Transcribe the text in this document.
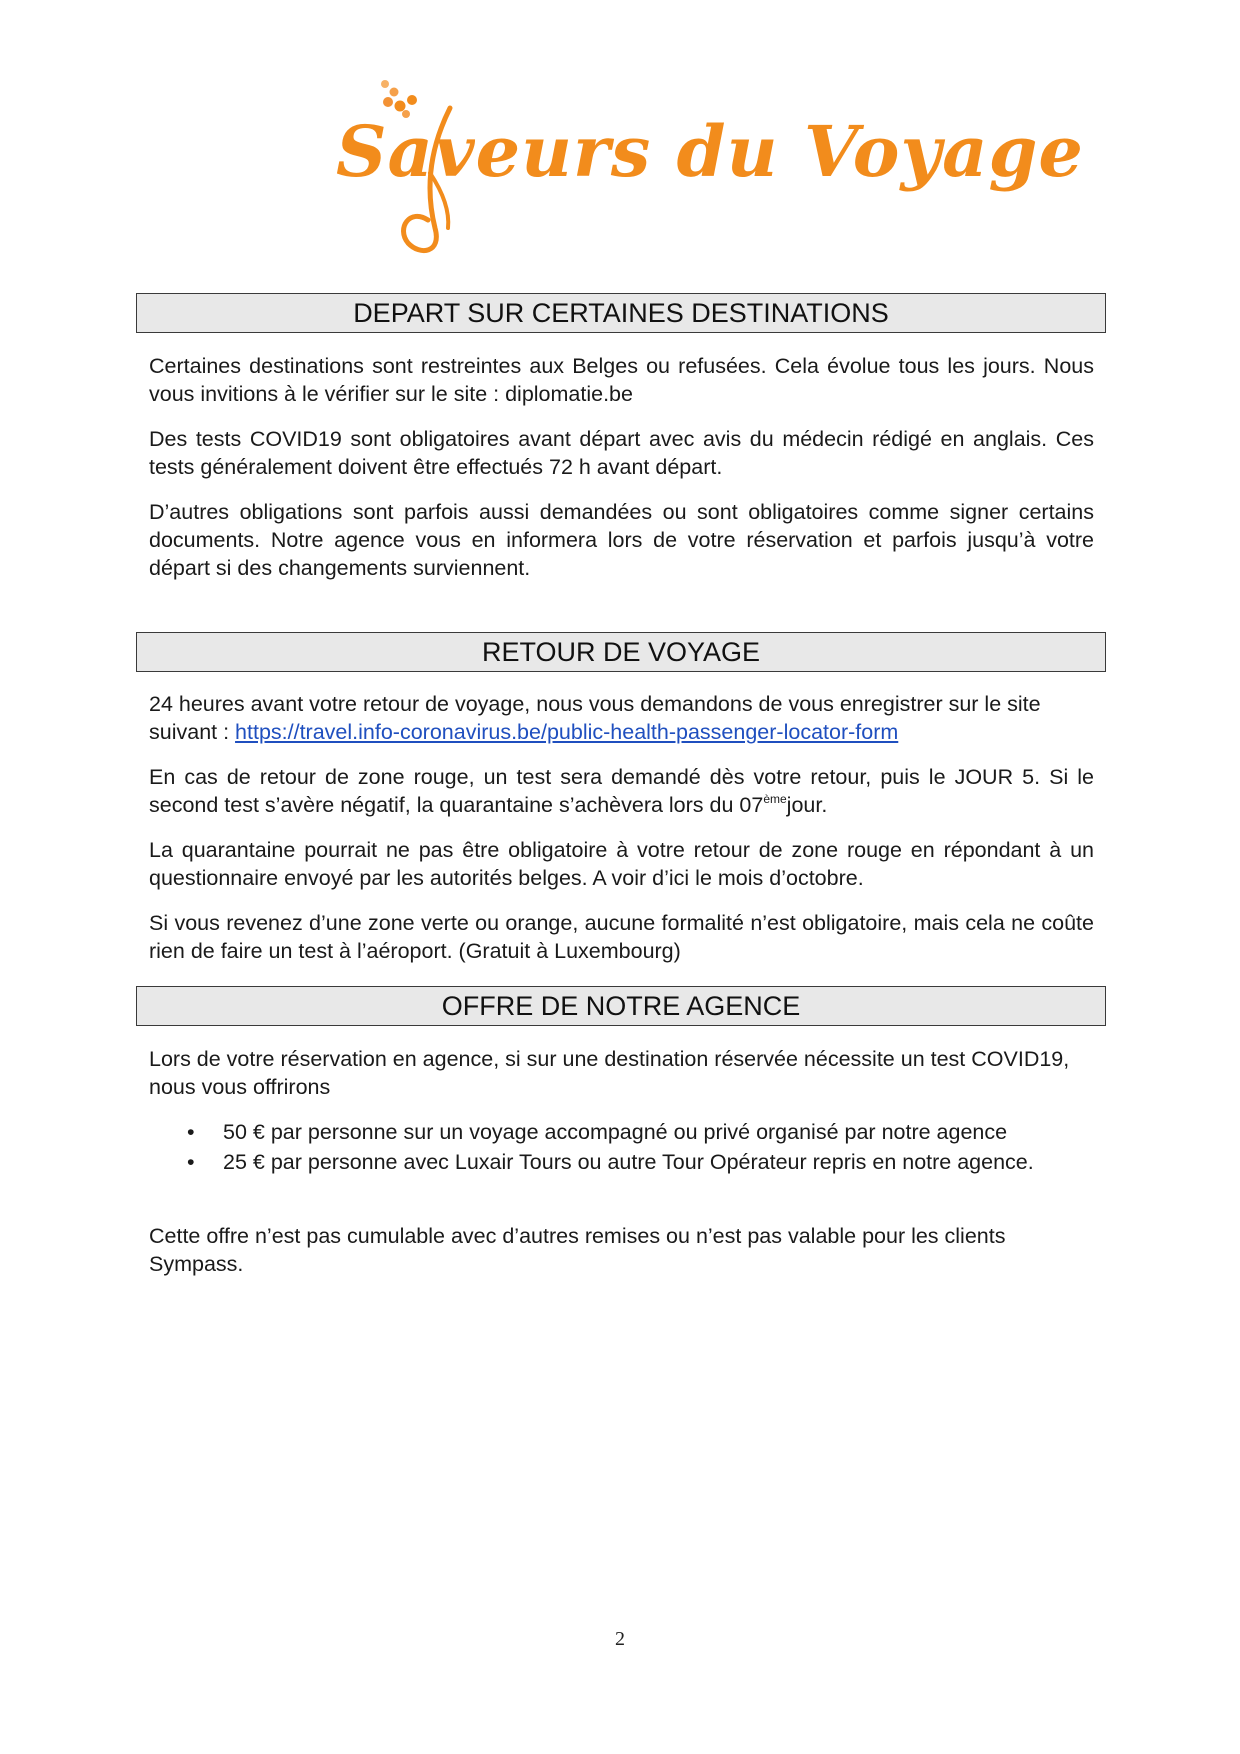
Saveurs du Voyage
DEPART SUR CERTAINES DESTINATIONS

Certaines destinations sont restreintes aux Belges ou refusées. Cela évolue tous les jours. Nous vous invitions à le vérifier sur le site : diplomatie.be

Des tests COVID19 sont obligatoires avant départ avec avis du médecin rédigé en anglais. Ces tests généralement doivent être effectués 72 h avant départ.

D’autres obligations sont parfois aussi demandées ou sont obligatoires comme signer certains documents. Notre agence vous en informera lors de votre réservation et parfois jusqu’à votre départ si des changements surviennent.

RETOUR DE VOYAGE

24 heures avant votre retour de voyage, nous vous demandons de vous enregistrer sur le site suivant : https://travel.info-coronavirus.be/public-health-passenger-locator-form

En cas de retour de zone rouge, un test sera demandé dès votre retour, puis le JOUR 5. Si le second test s’avère négatif, la quarantaine s’achèvera lors du 07èmejour.

La quarantaine pourrait ne pas être obligatoire à votre retour de zone rouge en répondant à un questionnaire envoyé par les autorités belges. A voir d’ici le mois d’octobre.

Si vous revenez d’une zone verte ou orange, aucune formalité n’est obligatoire, mais cela ne coûte rien de faire un test à l’aéroport. (Gratuit à Luxembourg)

OFFRE DE NOTRE AGENCE

Lors de votre réservation en agence, si sur une destination réservée nécessite un test COVID19, nous vous offrirons

• 50 € par personne sur un voyage accompagné ou privé organisé par notre agence
• 25 € par personne avec Luxair Tours ou autre Tour Opérateur repris en notre agence.

Cette offre n’est pas cumulable avec d’autres remises ou n’est pas valable pour les clients Sympass.

2
